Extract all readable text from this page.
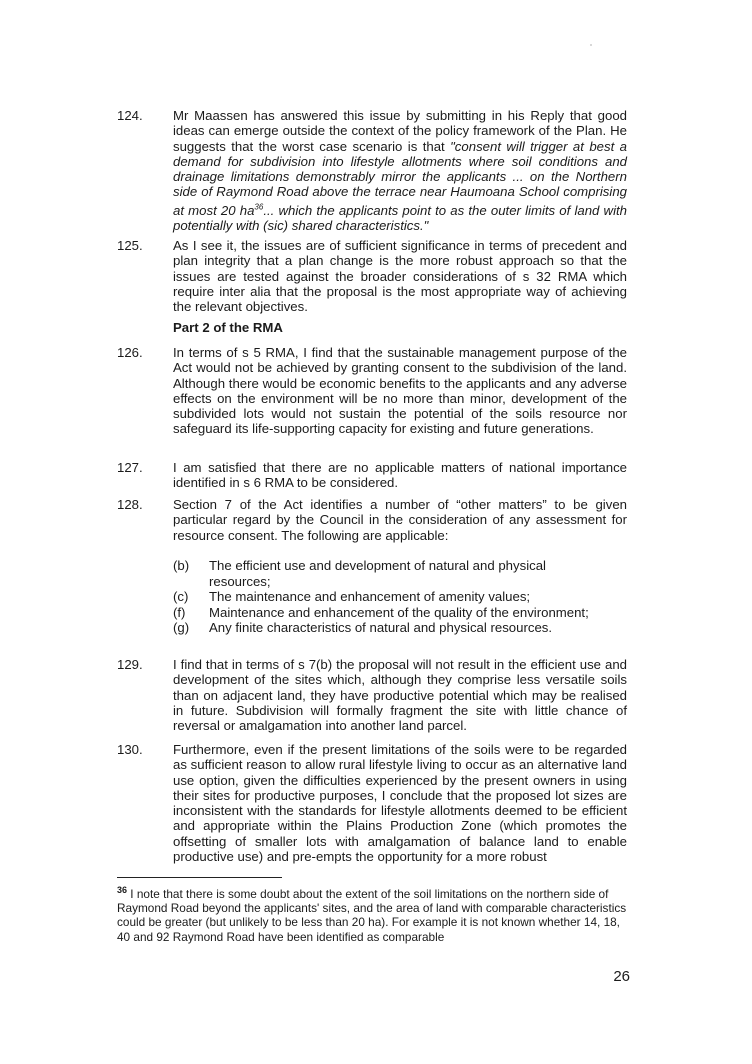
124.	Mr Maassen has answered this issue by submitting in his Reply that good ideas can emerge outside the context of the policy framework of the Plan. He suggests that the worst case scenario is that "consent will trigger at best a demand for subdivision into lifestyle allotments where soil conditions and drainage limitations demonstrably mirror the applicants ... on the Northern side of Raymond Road above the terrace near Haumoana School comprising at most 20 $ha^{36}$... which the applicants point to as the outer limits of land with potentially with (sic) shared characteristics."
125.	As I see it, the issues are of sufficient significance in terms of precedent and plan integrity that a plan change is the more robust approach so that the issues are tested against the broader considerations of s 32 RMA which require inter alia that the proposal is the most appropriate way of achieving the relevant objectives.
Part 2 of the RMA
126.	In terms of s 5 RMA, I find that the sustainable management purpose of the Act would not be achieved by granting consent to the subdivision of the land. Although there would be economic benefits to the applicants and any adverse effects on the environment will be no more than minor, development of the subdivided lots would not sustain the potential of the soils resource nor safeguard its life-supporting capacity for existing and future generations.
127.	I am satisfied that there are no applicable matters of national importance identified in s 6 RMA to be considered.
128.	Section 7 of the Act identifies a number of “other matters” to be given particular regard by the Council in the consideration of any assessment for resource consent. The following are applicable:
(b) The efficient use and development of natural and physical resources;
(c) The maintenance and enhancement of amenity values;
(f) Maintenance and enhancement of the quality of the environment;
(g) Any finite characteristics of natural and physical resources.
129.	I find that in terms of s 7(b) the proposal will not result in the efficient use and development of the sites which, although they comprise less versatile soils than on adjacent land, they have productive potential which may be realised in future. Subdivision will formally fragment the site with little chance of reversal or amalgamation into another land parcel.
130.	Furthermore, even if the present limitations of the soils were to be regarded as sufficient reason to allow rural lifestyle living to occur as an alternative land use option, given the difficulties experienced by the present owners in using their sites for productive purposes, I conclude that the proposed lot sizes are inconsistent with the standards for lifestyle allotments deemed to be efficient and appropriate within the Plains Production Zone (which promotes the offsetting of smaller lots with amalgamation of balance land to enable productive use) and pre-empts the opportunity for a more robust
$^{36}$ I note that there is some doubt about the extent of the soil limitations on the northern side of Raymond Road beyond the applicants' sites, and the area of land with comparable characteristics could be greater (but unlikely to be less than 20 ha). For example it is not known whether 14, 18, 40 and 92 Raymond Road have been identified as comparable
26
